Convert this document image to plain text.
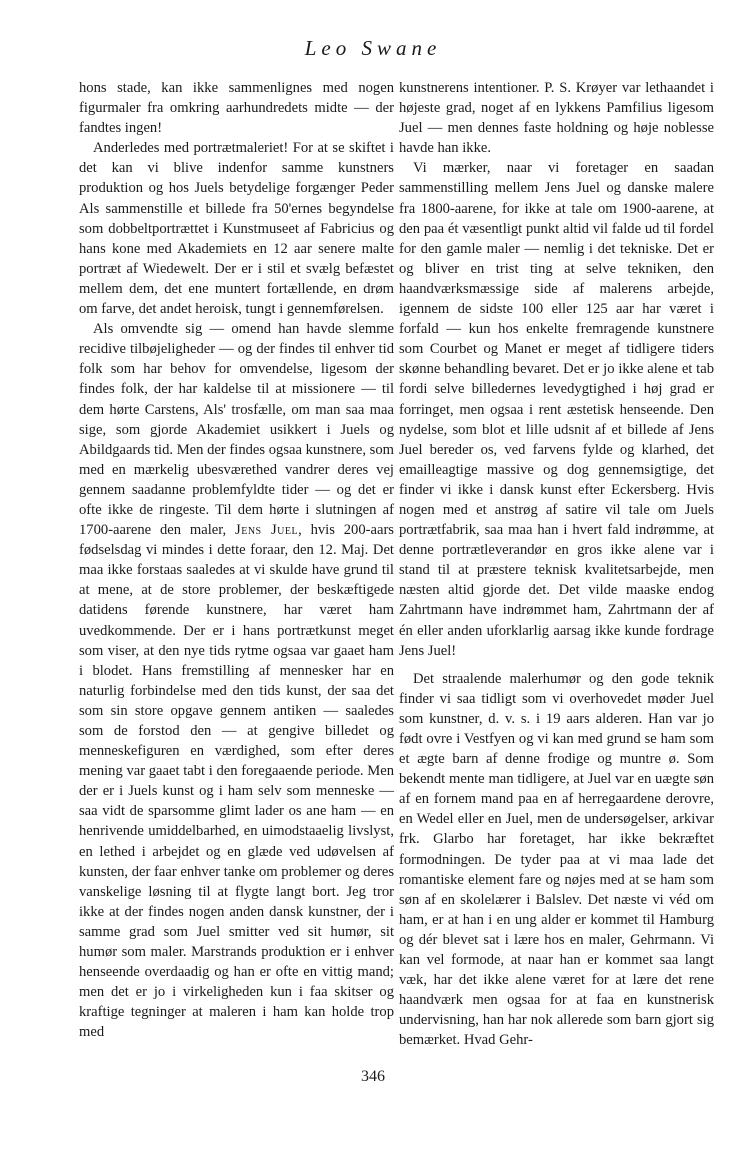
Leo Swane

hons stade, kan ikke sammenlignes med nogen figurmaler fra omkring aarhundredets midte — der fandtes ingen!

Anderledes med portrætmaleriet! For at se skiftet i det kan vi blive indenfor samme kunstners produktion og hos Juels betydelige forgænger Peder Als sammenstille et billede fra 50'ernes begyndelse som dobbeltportrættet i Kunstmuseet af Fabricius og hans kone med Akademiets en 12 aar senere malte portræt af Wiedewelt. Der er i stil et svælg befæstet mellem dem, det ene muntert fortællende, en drøm om farve, det andet heroisk, tungt i gennemførelsen.

Als omvendte sig — omend han havde slemme recidive tilbøjeligheder — og der findes til enhver tid folk som har behov for omvendelse, ligesom der findes folk, der har kaldelse til at missionere — til dem hørte Carstens, Als' trosfælle, om man saa maa sige, som gjorde Akademiet usikkert i Juels og Abildgaards tid. Men der findes ogsaa kunstnere, som med en mærkelig ubesværethed vandrer deres vej gennem saadanne problemfyldte tider — og det er ofte ikke de ringeste. Til dem hørte i slutningen af 1700-aarene den maler, Jens Juel, hvis 200-aars fødselsdag vi mindes i dette foraar, den 12. Maj. Det maa ikke forstaas saaledes at vi skulde have grund til at mene, at de store problemer, der beskæftigede datidens førende kunstnere, har været ham uvedkommende. Der er i hans portrætkunst meget som viser, at den nye tids rytme ogsaa var gaaet ham i blodet. Hans fremstilling af mennesker har en naturlig forbindelse med den tids kunst, der saa det som sin store opgave gennem antiken — saaledes som de forstod den — at gengive billedet og menneskefiguren en værdighed, som efter deres mening var gaaet tabt i den foregaaende periode. Men der er i Juels kunst og i ham selv som menneske — saa vidt de sparsomme glimt lader os ane ham — en henrivende umiddelbarhed, en uimodstaaelig livslyst, en lethed i arbejdet og en glæde ved udøvelsen af kunsten, der faar enhver tanke om problemer og deres vanskelige løsning til at flygte langt bort. Jeg tror ikke at der findes nogen anden dansk kunstner, der i samme grad som Juel smitter ved sit humør, sit humør som maler. Marstrands produktion er i enhver henseende overdaadig og han er ofte en vittig mand; men det er jo i virkeligheden kun i faa skitser og kraftige tegninger at maleren i ham kan holde trop med

kunstnerens intentioner. P. S. Krøyer var lethaandet i højeste grad, noget af en lykkens Pamfilius ligesom Juel — men dennes faste holdning og høje noblesse havde han ikke.

Vi mærker, naar vi foretager en saadan sammenstilling mellem Jens Juel og danske malere fra 1800-aarene, for ikke at tale om 1900-aarene, at den paa ét væsentligt punkt altid vil falde ud til fordel for den gamle maler — nemlig i det tekniske. Det er og bliver en trist ting at selve tekniken, den haandværksmæssige side af malerens arbejde, igennem de sidste 100 eller 125 aar har været i forfald — kun hos enkelte fremragende kunstnere som Courbet og Manet er meget af tidligere tiders skønne behandling bevaret. Det er jo ikke alene et tab fordi selve billedernes levedygtighed i høj grad er forringet, men ogsaa i rent æstetisk henseende. Den nydelse, som blot et lille udsnit af et billede af Jens Juel bereder os, ved farvens fylde og klarhed, det emailleagtige massive og dog gennemsigtige, det finder vi ikke i dansk kunst efter Eckersberg. Hvis nogen med et anstrøg af satire vil tale om Juels portrætfabrik, saa maa han i hvert fald indrømme, at denne portrætleverandør en gros ikke alene var i stand til at præstere teknisk kvalitetsarbejde, men næsten altid gjorde det. Det vilde maaske endog Zahrtmann have indrømmet ham, Zahrtmann der af én eller anden uforklarlig aarsag ikke kunde fordrage Jens Juel!

Det straalende malerhumør og den gode teknik finder vi saa tidligt som vi overhovedet møder Juel som kunstner, d. v. s. i 19 aars alderen. Han var jo født ovre i Vestfyen og vi kan med grund se ham som et ægte barn af denne frodige og muntre ø. Som bekendt mente man tidligere, at Juel var en uægte søn af en fornem mand paa en af herregaardene derovre, en Wedel eller en Juel, men de undersøgelser, arkivar frk. Glarbo har foretaget, har ikke bekræftet formodningen. De tyder paa at vi maa lade det romantiske element fare og nøjes med at se ham som søn af en skolelærer i Balslev. Det næste vi véd om ham, er at han i en ung alder er kommet til Hamburg og dér blevet sat i lære hos en maler, Gehrmann. Vi kan vel formode, at naar han er kommet saa langt væk, har det ikke alene været for at lære det rene haandværk men ogsaa for at faa en kunstnerisk undervisning, han har nok allerede som barn gjort sig bemærket. Hvad Gehr-

346
